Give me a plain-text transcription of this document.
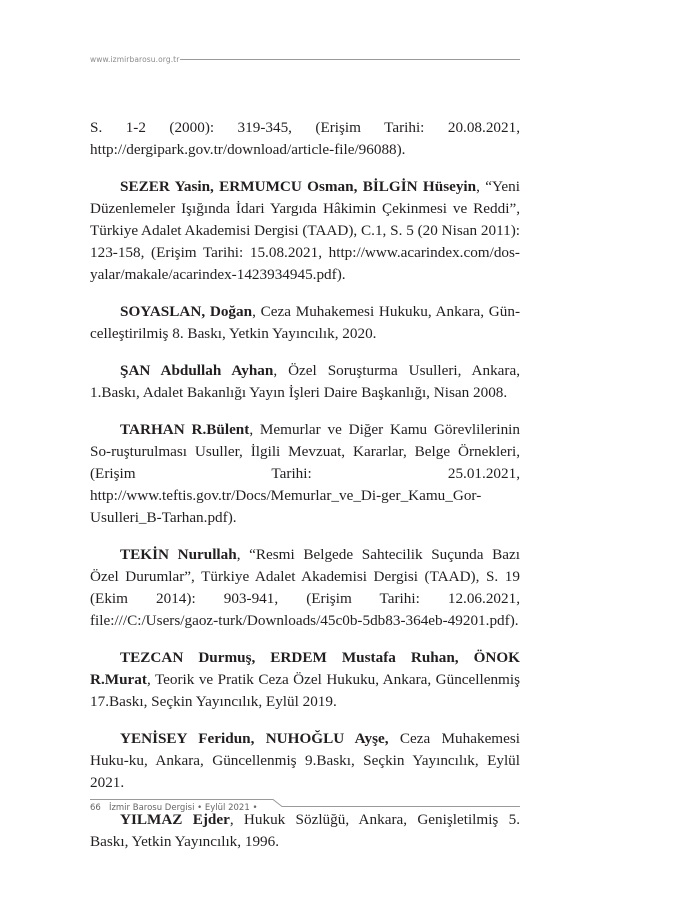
www.izmirbarosu.org.tr

S. 1-2 (2000): 319-345, (Erişim Tarihi: 20.08.2021, http://dergipark.gov.tr/download/article-file/96088).

SEZER Yasin, ERMUMCU Osman, BİLGİN Hüseyin, “Yeni Düzenlemeler Işığında İdari Yargıda Hâkimin Çekinmesi ve Reddi”, Türkiye Adalet Akademisi Dergisi (TAAD), C.1, S. 5 (20 Nisan 2011): 123-158, (Erişim Tarihi: 15.08.2021, http://www.acarindex.com/dos-yalar/makale/acarindex-1423934945.pdf).

SOYASLAN, Doğan, Ceza Muhakemesi Hukuku, Ankara, Gün-celleştirilmiş 8. Baskı, Yetkin Yayıncılık, 2020.

ŞAN Abdullah Ayhan, Özel Soruşturma Usulleri, Ankara, 1.Baskı, Adalet Bakanlığı Yayın İşleri Daire Başkanlığı, Nisan 2008.

TARHAN R.Bülent, Memurlar ve Diğer Kamu Görevlilerinin So-ruşturulması Usuller, İlgili Mevzuat, Kararlar, Belge Örnekleri, (Erişim Tarihi: 25.01.2021, http://www.teftis.gov.tr/Docs/Memurlar_ve_Di-ger_Kamu_Gor-Usulleri_B-Tarhan.pdf).

TEKİN Nurullah, “Resmi Belgede Sahtecilik Suçunda Bazı Özel Durumlar”, Türkiye Adalet Akademisi Dergisi (TAAD), S. 19 (Ekim 2014): 903-941, (Erişim Tarihi: 12.06.2021, file:///C:/Users/gaoz-turk/Downloads/45c0b-5db83-364eb-49201.pdf).

TEZCAN Durmuş, ERDEM Mustafa Ruhan, ÖNOK R.Murat, Teorik ve Pratik Ceza Özel Hukuku, Ankara, Güncellenmiş 17.Baskı, Seçkin Yayıncılık, Eylül 2019.

YENİSEY Feridun, NUHOĞLU Ayşe, Ceza Muhakemesi Huku-ku, Ankara, Güncellenmiş 9.Baskı, Seçkin Yayıncılık, Eylül 2021.

YILMAZ Ejder, Hukuk Sözlüğü, Ankara, Genişletilmiş 5. Baskı, Yetkin Yayıncılık, 1996.

66 İzmir Barosu Dergisi • Eylül 2021 •
